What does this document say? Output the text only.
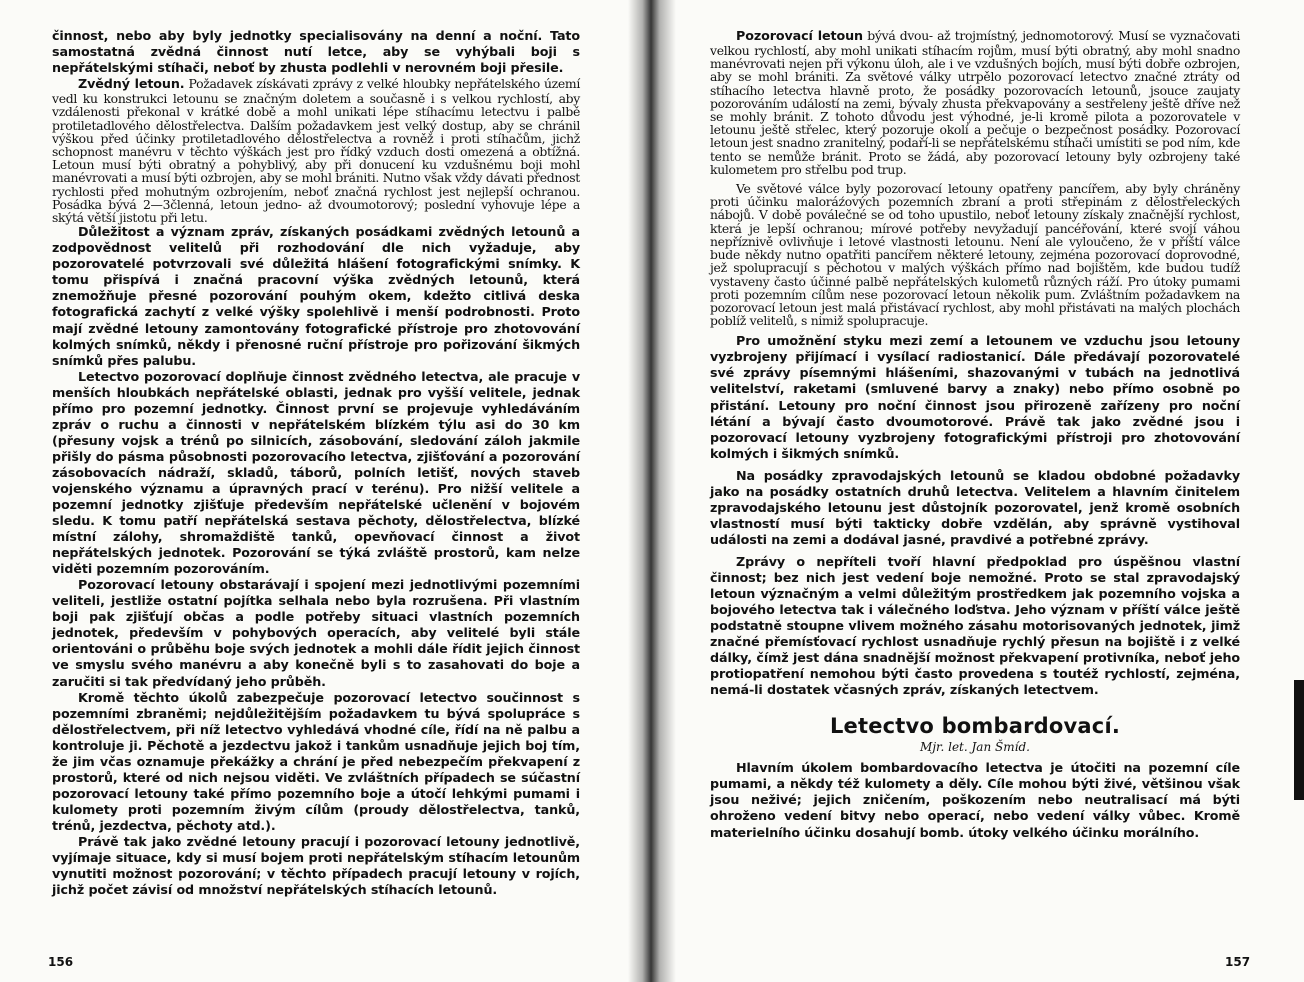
činnost, nebo aby byly jednotky specialisovány na denní a noční. Tato samostatná zvědná činnost nutí letce, aby se vyhýbali boji s nepřátelskými stíhači, neboť by zhusta podlehli v nerovném boji přesile.

Zvědný letoun. Požadavek získávati zprávy z velké hloubky nepřátelského území vedl ku konstrukci letounu se značným doletem a současně i s velkou rychlostí, aby vzdálenosti překonal v krátké době a mohl unikati lépe stíhacímu letectvu i palbě protiletadlového dělostřelectva. Dalším požadavkem jest velký dostup, aby se chránil výškou před účinky protiletadlového dělostřelectva a rovněž i proti stíhačům, jichž schopnost manévru v těchto výškách jest pro řídký vzduch dosti omezená a obtížná. Letoun musí býti obratný a pohyblivý, aby při donucení ku vzdušnému boji mohl manévrovati a musí býti ozbrojen, aby se mohl brániti. Nutno však vždy dávati přednost rychlosti před mohutným ozbrojením, neboť značná rychlost jest nejlepší ochranou. Posádka bývá 2—3členná, letoun jedno- až dvoumotorový; poslední vyhovuje lépe a skýtá větší jistotu při letu.

Důležitost a význam zpráv, získaných posádkami zvědných letounů a zodpovědnost velitelů při rozhodování dle nich vyžaduje, aby pozorovatelé potvrzovali své důležitá hlášení fotografickými snímky. K tomu přispívá i značná pracovní výška zvědných letounů, která znemožňuje přesné pozorování pouhým okem, kdežto citlivá deska fotografická zachytí z velké výšky spolehlivě i menší podrobnosti. Proto mají zvědné letouny zamontovány fotografické přístroje pro zhotovování kolmých snímků, někdy i přenosné ruční přístroje pro pořizování šikmých snímků přes palubu.

Letectvo pozorovací doplňuje činnost zvědného letectva, ale pracuje v menších hloubkách nepřátelské oblasti, jednak pro vyšší velitele, jednak přímo pro pozemní jednotky. Činnost první se projevuje vyhledáváním zpráv o ruchu a činnosti v nepřátelském blízkém týlu asi do 30 km (přesuny vojsk a trénů po silnicích, zásobování, sledování záloh jakmile přišly do pásma působnosti pozorovacího letectva, zjišťování a pozorování zásobovacích nádraží, skladů, táborů, polních letišť, nových staveb vojenského významu a úpravných prací v terénu). Pro nižší velitele a pozemní jednotky zjišťuje především nepřátelské učlenění v bojovém sledu. K tomu patří nepřátelská sestava pěchoty, dělostřelectva, blízké místní zálohy, shromaždiště tanků, opevňovací činnost a život nepřátelských jednotek. Pozorování se týká zvláště prostorů, kam nelze viděti pozemním pozorováním.

Pozorovací letouny obstarávají i spojení mezi jednotlivými pozemními veliteli, jestliže ostatní pojítka selhala nebo byla rozrušena. Při vlastním boji pak zjišťují občas a podle potřeby situaci vlastních pozemních jednotek, především v pohybových operacích, aby velitelé byli stále orientováni o průběhu boje svých jednotek a mohli dále řídit jejich činnost ve smyslu svého manévru a aby konečně byli s to zasahovati do boje a zaručiti si tak předvídaný jeho průběh.

Kromě těchto úkolů zabezpečuje pozorovací letectvo součinnost s pozemními zbraněmi; nejdůležitějším požadavkem tu bývá spolupráce s dělostřelectvem, při níž letectvo vyhledává vhodné cíle, řídí na ně palbu a kontroluje ji. Pěchotě a jezdectvu jakož i tankům usnadňuje jejich boj tím, že jim včas oznamuje překážky a chrání je před nebezpečím překvapení z prostorů, které od nich nejsou viděti. Ve zvláštních případech se súčastní pozorovací letouny také přímo pozemního boje a útočí lehkými pumami i kulomety proti pozemním živým cílům (proudy dělostřelectva, tanků, trénů, jezdectva, pěchoty atd.).

Právě tak jako zvědné letouny pracují i pozorovací letouny jednotlivě, vyjímaje situace, kdy si musí bojem proti nepřátelským stíhacím letounům vynutiti možnost pozorování; v těchto případech pracují letouny v rojích, jichž počet závisí od množství nepřátelských stíhacích letounů.

156

Pozorovací letoun bývá dvou- až trojmístný, jednomotorový. Musí se vyznačovati velkou rychlostí, aby mohl unikati stíhacím rojům, musí býti obratný, aby mohl snadno manévrovati nejen při výkonu úloh, ale i ve vzdušných bojích, musí býti dobře ozbrojen, aby se mohl brániti. Za světové války utrpělo pozorovací letectvo značné ztráty od stíhacího letectva hlavně proto, že posádky pozorovacích letounů, jsouce zaujaty pozorováním událostí na zemi, bývaly zhusta překvapovány a sestřeleny ještě dříve než se mohly bránit. Z tohoto důvodu jest výhodné, je-li kromě pilota a pozorovatele v letounu ještě střelec, který pozoruje okolí a pečuje o bezpečnost posádky. Pozorovací letoun jest snadno zranitelný, podaří-li se nepřátelskému stíhači umístiti se pod ním, kde tento se nemůže bránit. Proto se žádá, aby pozorovací letouny byly ozbrojeny také kulometem pro střelbu pod trup.

Ve světové válce byly pozorovací letouny opatřeny pancířem, aby byly chráněny proti účinku maloráźových pozemních zbraní a proti střepinám z dělostřeleckých nábojů. V době poválečné se od toho upustilo, neboť letouny získaly značnější rychlost, která je lepší ochranou; mírové potřeby nevyžadují pancéřování, které svojí váhou nepříznivě ovlivňuje i letové vlastnosti letounu. Není ale vyloučeno, že v příští válce bude někdy nutno opatřiti pancířem některé letouny, zejména pozorovací doprovodné, jež spolupracují s pěchotou v malých výškách přímo nad bojištěm, kde budou tudíž vystaveny často účinné palbě nepřátelských kulometů různých ráží. Pro útoky pumami proti pozemním cílům nese pozorovací letoun několik pum. Zvláštním požadavkem na pozorovací letoun jest malá přistávací rychlost, aby mohl přistávati na malých plochách poblíž velitelů, s nimiž spolupracuje.

Pro umožnění styku mezi zemí a letounem ve vzduchu jsou letouny vyzbrojeny přijímací i vysílací radiostanicí. Dále předávají pozorovatelé své zprávy písemnými hlášeními, shazovanými v tubách na jednotlivá velitelství, raketami (smluvené barvy a znaky) nebo přímo osobně po přistání. Letouny pro noční činnost jsou přirozeně zařízeny pro noční létání a bývají často dvoumotorové. Právě tak jako zvědné jsou i pozorovací letouny vyzbrojeny fotografickými přístroji pro zhotovování kolmých i šikmých snímků.

Na posádky zpravodajských letounů se kladou obdobné požadavky jako na posádky ostatních druhů letectva. Velitelem a hlavním činitelem zpravodajského letounu jest důstojník pozorovatel, jenž kromě osobních vlastností musí býti takticky dobře vzdělán, aby správně vystihoval události na zemi a dodával jasné, pravdivé a potřebné zprávy.

Zprávy o nepříteli tvoří hlavní předpoklad pro úspěšnou vlastní činnost; bez nich jest vedení boje nemožné. Proto se stal zpravodajský letoun význačným a velmi důležitým prostředkem jak pozemního vojska a bojového letectva tak i válečného loďstva. Jeho význam v příští válce ještě podstatně stoupne vlivem možného zásahu motorisovaných jednotek, jimž značné přemísťovací rychlost usnadňuje rychlý přesun na bojiště i z velké dálky, čímž jest dána snadnější možnost překvapení protivníka, neboť jeho protiopatření nemohou býti často provedena s toutéž rychlostí, zejména, nemá-li dostatek včasných zpráv, získaných letectvem.

Letectvo bombardovací.
Mjr. let. Jan Šmíd.

Hlavním úkolem bombardovacího letectva je útočiti na pozemní cíle pumami, a někdy též kulomety a děly. Cíle mohou býti živé, většinou však jsou neživé; jejich zničením, poškozením nebo neutralisací má býti ohroženo vedení bitvy nebo operací, nebo vedení války vůbec. Kromě materielního účinku dosahují bomb. útoky velkého účinku morálního.

157
